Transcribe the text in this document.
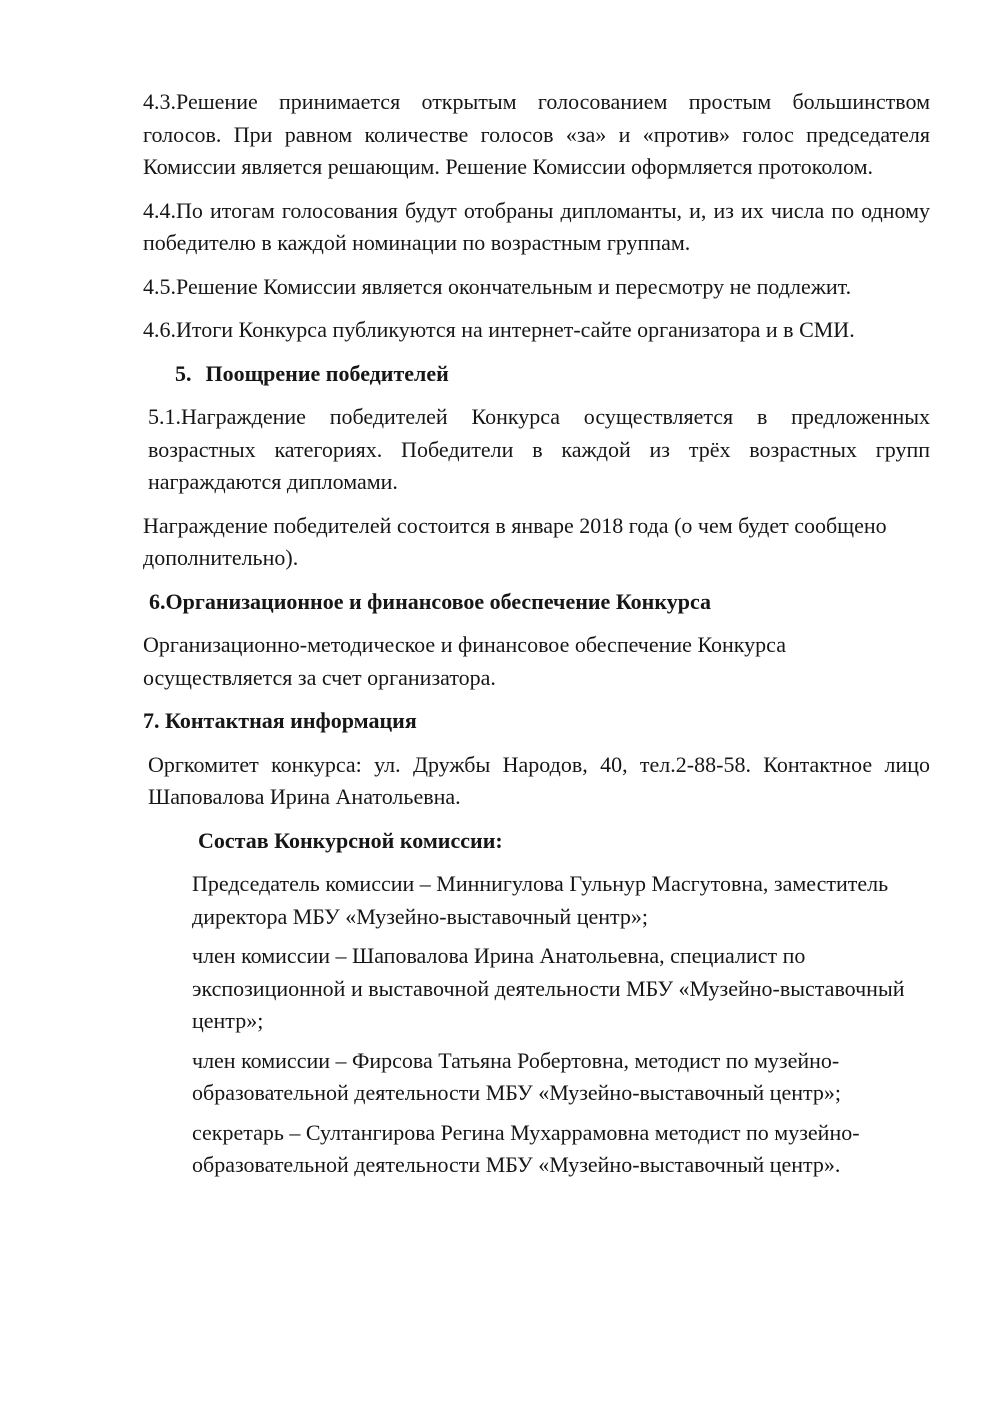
4.3.Решение принимается открытым голосованием простым большинством голосов. При равном количестве голосов «за» и «против» голос председателя Комиссии является решающим. Решение Комиссии оформляется протоколом.

4.4.По итогам голосования будут отобраны дипломанты, и, из их числа по одному победителю в каждой номинации по возрастным группам.

4.5.Решение Комиссии является окончательным и пересмотру не подлежит.

4.6.Итоги Конкурса публикуются на интернет-сайте организатора и в СМИ.

5. Поощрение победителей

5.1.Награждение победителей Конкурса осуществляется в предложенных возрастных категориях. Победители в каждой из трёх возрастных групп награждаются дипломами.

Награждение победителей состоится в январе 2018 года (о чем будет сообщено дополнительно).

6.Организационное и финансовое обеспечение Конкурса

Организационно-методическое и финансовое обеспечение Конкурса осуществляется за счет организатора.

7. Контактная информация

Оргкомитет конкурса: ул. Дружбы Народов, 40, тел.2-88-58. Контактное лицо Шаповалова Ирина Анатольевна.

Состав Конкурсной комиссии:

Председатель комиссии – Миннигулова Гульнур Масгутовна, заместитель директора МБУ «Музейно-выставочный центр»;

член комиссии – Шаповалова Ирина Анатольевна, специалист по экспозиционной и выставочной деятельности МБУ «Музейно-выставочный центр»;

член комиссии – Фирсова Татьяна Робертовна, методист по музейно-образовательной деятельности МБУ «Музейно-выставочный центр»;

секретарь – Султангирова Регина Мухаррамовна методист по музейно-образовательной деятельности МБУ «Музейно-выставочный центр».
